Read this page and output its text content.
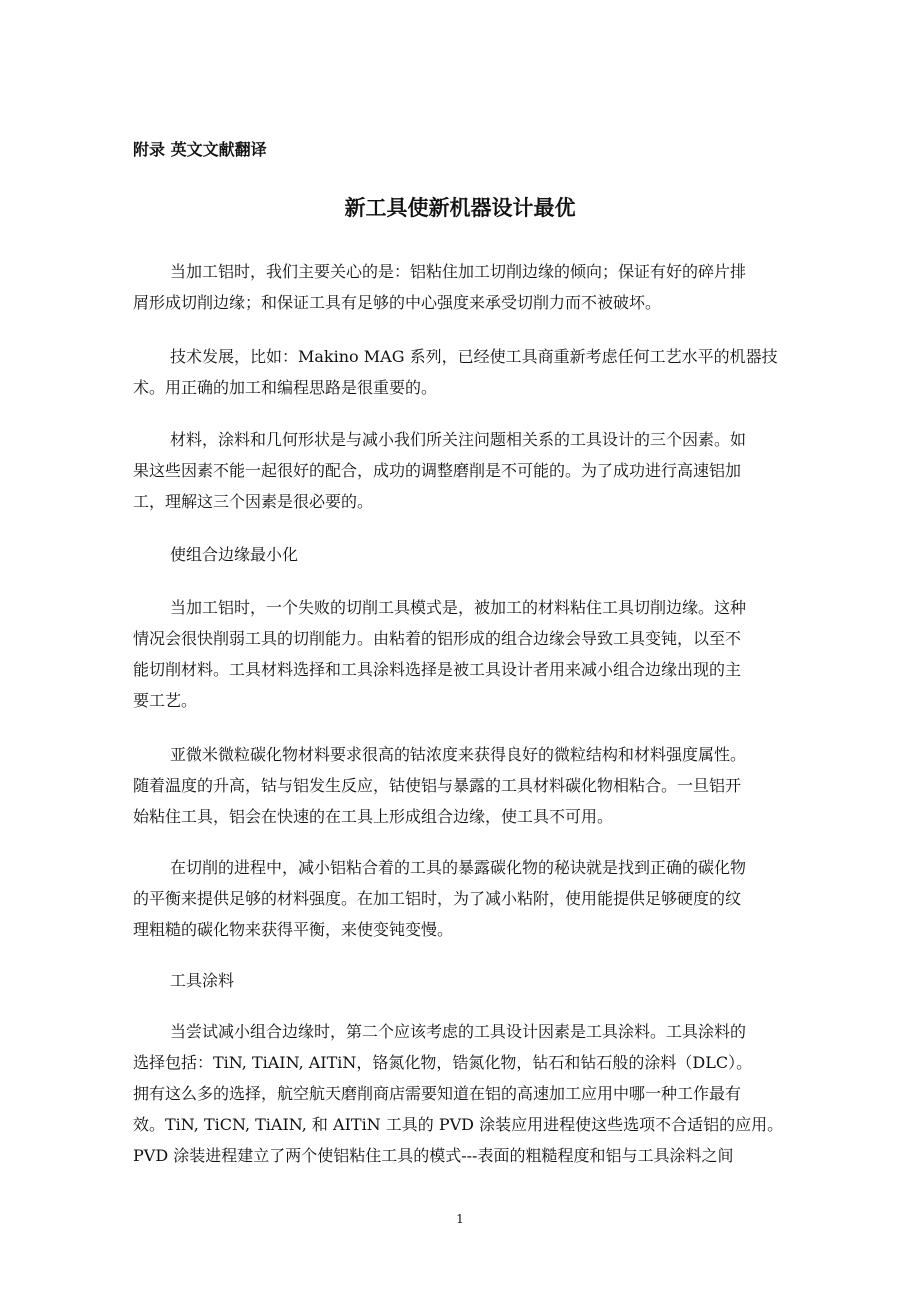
附录 英文文献翻译
新工具使新机器设计最优
当加工铝时，我们主要关心的是：铝粘住加工切削边缘的倾向；保证有好的碎片排
屑形成切削边缘；和保证工具有足够的中心强度来承受切削力而不被破坏。
技术发展，比如：Makino MAG 系列，已经使工具商重新考虑任何工艺水平的机器技
术。用正确的加工和编程思路是很重要的。
材料，涂料和几何形状是与减小我们所关注问题相关系的工具设计的三个因素。如
果这些因素不能一起很好的配合，成功的调整磨削是不可能的。为了成功进行高速铝加
工，理解这三个因素是很必要的。
使组合边缘最小化
当加工铝时，一个失败的切削工具模式是，被加工的材料粘住工具切削边缘。这种
情况会很快削弱工具的切削能力。由粘着的铝形成的组合边缘会导致工具变钝，以至不
能切削材料。工具材料选择和工具涂料选择是被工具设计者用来减小组合边缘出现的主
要工艺。
亚微米微粒碳化物材料要求很高的钴浓度来获得良好的微粒结构和材料强度属性。
随着温度的升高，钴与铝发生反应，钴使铝与暴露的工具材料碳化物相粘合。一旦铝开
始粘住工具，铝会在快速的在工具上形成组合边缘，使工具不可用。
在切削的进程中，减小铝粘合着的工具的暴露碳化物的秘诀就是找到正确的碳化物
的平衡来提供足够的材料强度。在加工铝时，为了减小粘附，使用能提供足够硬度的纹
理粗糙的碳化物来获得平衡，来使变钝变慢。
工具涂料
当尝试减小组合边缘时，第二个应该考虑的工具设计因素是工具涂料。工具涂料的
选择包括：TiN, TiAIN, AITiN，铬氮化物，锆氮化物，钻石和钻石般的涂料（DLC）。
拥有这么多的选择，航空航天磨削商店需要知道在铝的高速加工应用中哪一种工作最有
效。TiN, TiCN, TiAIN, 和 AITiN 工具的 PVD 涂装应用进程使这些选项不合适铝的应用。
PVD 涂装进程建立了两个使铝粘住工具的模式---表面的粗糙程度和铝与工具涂料之间
1
